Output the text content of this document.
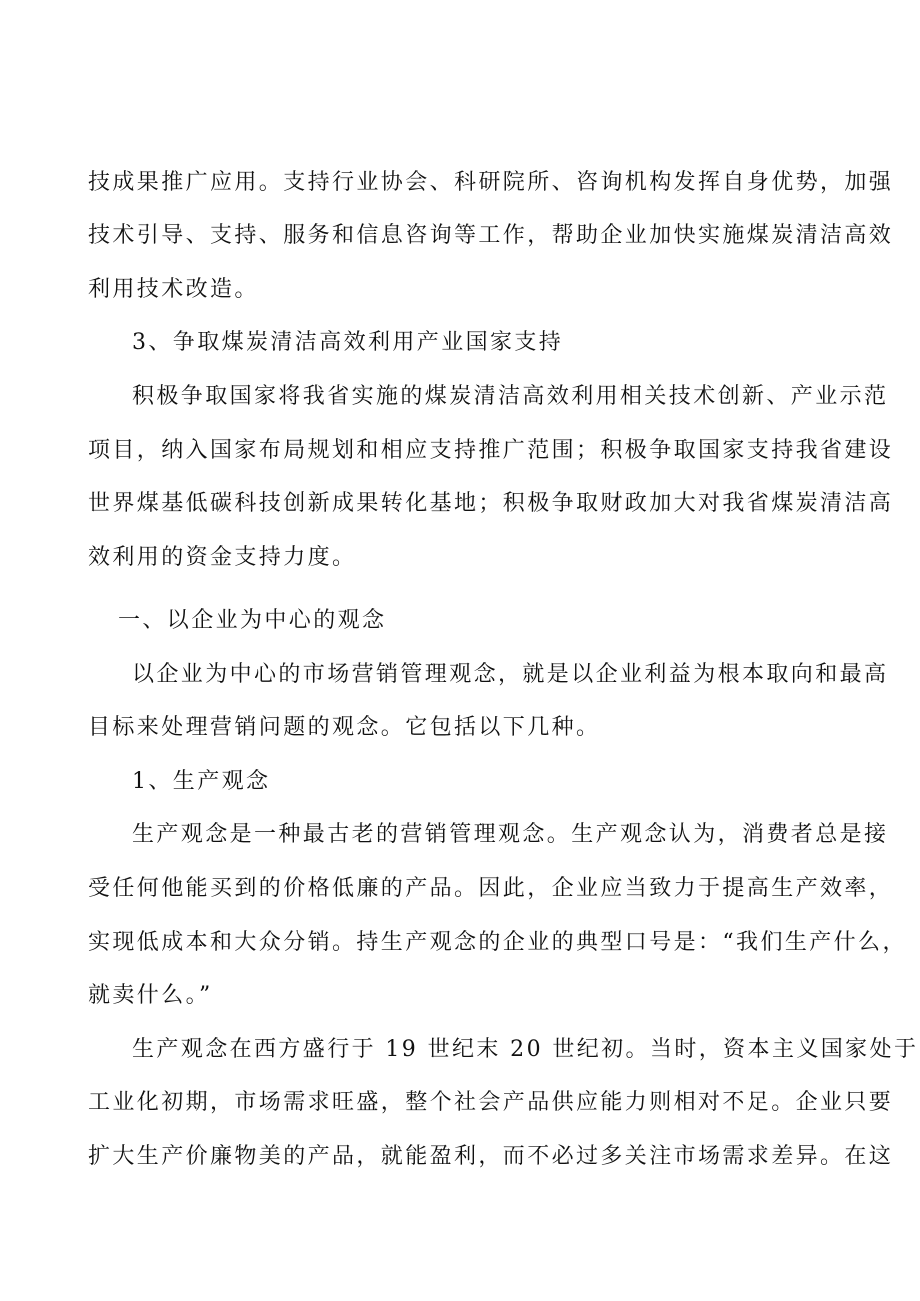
技成果推广应用。支持行业协会、科研院所、咨询机构发挥自身优势，加强
技术引导、支持、服务和信息咨询等工作，帮助企业加快实施煤炭清洁高效
利用技术改造。
3、争取煤炭清洁高效利用产业国家支持
积极争取国家将我省实施的煤炭清洁高效利用相关技术创新、产业示范
项目，纳入国家布局规划和相应支持推广范围；积极争取国家支持我省建设
世界煤基低碳科技创新成果转化基地；积极争取财政加大对我省煤炭清洁高
效利用的资金支持力度。
一、以企业为中心的观念
以企业为中心的市场营销管理观念，就是以企业利益为根本取向和最高
目标来处理营销问题的观念。它包括以下几种。
1、生产观念
生产观念是一种最古老的营销管理观念。生产观念认为，消费者总是接
受任何他能买到的价格低廉的产品。因此，企业应当致力于提高生产效率，
实现低成本和大众分销。持生产观念的企业的典型口号是：“我们生产什么，
就卖什么。”
生产观念在西方盛行于 19 世纪末 20 世纪初。当时，资本主义国家处于
工业化初期，市场需求旺盛，整个社会产品供应能力则相对不足。企业只要
扩大生产价廉物美的产品，就能盈利，而不必过多关注市场需求差异。在这
